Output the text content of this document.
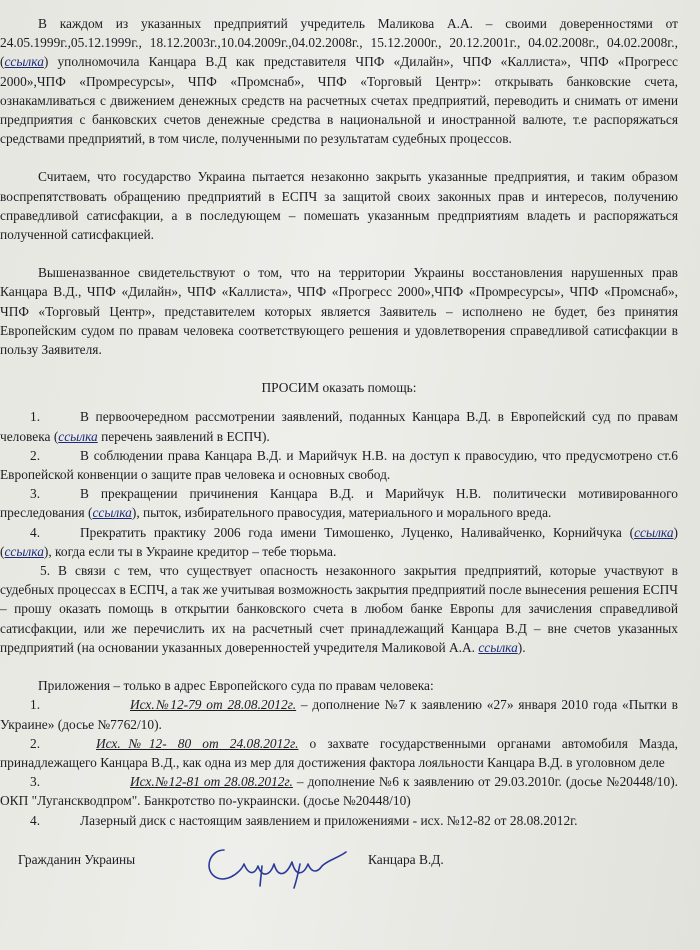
В каждом из указанных предприятий учредитель Маликова А.А. – своими доверенностями от 24.05.1999г.,05.12.1999г., 18.12.2003г.,10.04.2009г.,04.02.2008г., 15.12.2000г., 20.12.2001г., 04.02.2008г., 04.02.2008г., (ссылка) уполномочила Канцара В.Д как представителя ЧПФ «Дилайн», ЧПФ «Каллиста», ЧПФ «Прогресс 2000»,ЧПФ «Промресурсы», ЧПФ «Промснаб», ЧПФ «Торговый Центр»: открывать банковские счета, ознакамливаться с движением денежных средств на расчетных счетах предприятий, переводить и снимать от имени предприятия с банковских счетов денежные средства в национальной и иностранной валюте, т.е распоряжаться средствами предприятий, в том числе, полученными по результатам судебных процессов.

Считаем, что государство Украина пытается незаконно закрыть указанные предприятия, и таким образом воспрепятствовать обращению предприятий в ЕСПЧ за защитой своих законных прав и интересов, получению справедливой сатисфакции, а в последующем – помешать указанным предприятиям владеть и распоряжаться полученной сатисфакцией.

Вышеназванное свидетельствуют о том, что на территории Украины восстановления нарушенных прав Канцара В.Д., ЧПФ «Дилайн», ЧПФ «Каллиста», ЧПФ «Прогресс 2000»,ЧПФ «Промресурсы», ЧПФ «Промснаб», ЧПФ «Торговый Центр», представителем которых является Заявитель – исполнено не будет, без принятия Европейским судом по правам человека соответствующего решения и удовлетворения справедливой сатисфакции в пользу Заявителя.

ПРОСИМ оказать помощь:

1.	В первоочередном рассмотрении заявлений, поданных Канцара В.Д. в Европейский суд по правам человека (ссылка перечень заявлений в ЕСПЧ).

2.	В соблюдении права Канцара В.Д. и Марийчук Н.В. на доступ к правосудию, что предусмотрено ст.6 Европейской конвенции о защите прав человека и основных свобод.

3.	В прекращении причинения Канцара В.Д. и Марийчук Н.В. политически мотивированного преследования (ссылка), пыток, избирательного правосудия, материального и морального вреда.

4.	Прекратить практику 2006 года имени Тимошенко, Луценко, Наливайченко, Корнийчука (ссылка) (ссылка), когда если ты в Украине кредитор – тебе тюрьма.

5. В связи с тем, что существует опасность незаконного закрытия предприятий, которые участвуют в судебных процессах в ЕСПЧ, а так же учитывая возможность закрытия предприятий после вынесения решения ЕСПЧ – прошу оказать помощь в открытии банковского счета в любом банке Европы для зачисления справедливой сатисфакции, или же перечислить их на расчетный счет принадлежащий Канцара В.Д – вне счетов указанных предприятий (на основании указанных доверенностей учредителя Маликовой А.А. ссылка).

Приложения – только в адрес Европейского суда по правам человека:

1.	Исх.№12-79 от 28.08.2012г. – дополнение №7 к заявлению «27» января 2010 года «Пытки в Украине» (досье №7762/10).

2.	Исх.№12- 80 от 24.08.2012г. о захвате государственными органами автомобиля Мазда, принадлежащего Канцара В.Д., как одна из мер для достижения фактора лояльности Канцара В.Д. в уголовном деле

3.	Исх.№12-81 от 28.08.2012г. – дополнение №6 к заявлению от 29.03.2010г. (досье №20448/10). ОКП "Луганскводпром". Банкротство по-украински. (досье №20448/10)

4.	Лазерный диск с настоящим заявлением и приложениями - исх. №12-82 от 28.08.2012г.

Гражданин Украины	Канцара В.Д.
